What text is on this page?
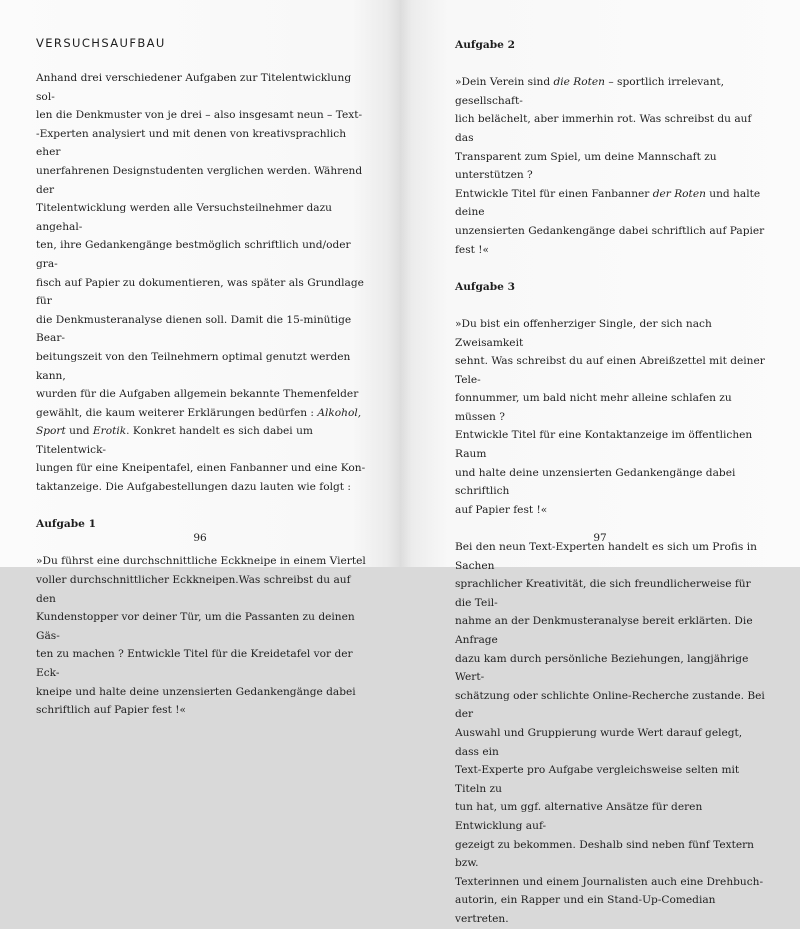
VERSUCHSAUFBAU
Anhand drei verschiedener Aufgaben zur Titelentwicklung sol-
len die Denkmuster von je drei – also insgesamt neun – Text-
-Experten analysiert und mit denen von kreativsprachlich eher
unerfahrenen Designstudenten verglichen werden. Während der
Titelentwicklung werden alle Versuchsteilnehmer dazu angehal-
ten, ihre Gedankengänge bestmöglich schriftlich und/oder gra-
fisch auf Papier zu dokumentieren, was später als Grundlage für
die Denkmusteranalyse dienen soll. Damit die 15-minütige Bear-
beitungszeit von den Teilnehmern optimal genutzt werden kann,
wurden für die Aufgaben allgemein bekannte Themenfelder
gewählt, die kaum weiterer Erklärungen bedürfen : Alkohol,
Sport und Erotik. Konkret handelt es sich dabei um Titelentwick-
lungen für eine Kneipentafel, einen Fanbanner und eine Kon-
taktanzeige. Die Aufgabestellungen dazu lauten wie folgt :
Aufgabe 1
»Du führst eine durchschnittliche Eckkneipe in einem Viertel
voller durchschnittlicher Eckkneipen.Was schreibst du auf den
Kundenstopper vor deiner Tür, um die Passanten zu deinen Gäs-
ten zu machen ? Entwickle Titel für die Kreidetafel vor der Eck-
kneipe und halte deine unzensierten Gedankengänge dabei
schriftlich auf Papier fest !«
96
Aufgabe 2
»Dein Verein sind die Roten – sportlich irrelevant, gesellschaft-
lich belächelt, aber immerhin rot. Was schreibst du auf das
Transparent zum Spiel, um deine Mannschaft zu unterstützen ?
Entwickle Titel für einen Fanbanner der Roten und halte deine
unzensierten Gedankengänge dabei schriftlich auf Papier fest !«
Aufgabe 3
»Du bist ein offenherziger Single, der sich nach Zweisamkeit
sehnt. Was schreibst du auf einen Abreißzettel mit deiner Tele-
fonnummer, um bald nicht mehr alleine schlafen zu müssen ?
Entwickle Titel für eine Kontaktanzeige im öffentlichen Raum
und halte deine unzensierten Gedankengänge dabei schriftlich
auf Papier fest !«
Bei den neun Text-Experten handelt es sich um Profis in Sachen
sprachlicher Kreativität, die sich freundlicherweise für die Teil-
nahme an der Denkmusteranalyse bereit erklärten. Die Anfrage
dazu kam durch persönliche Beziehungen, langjährige Wert-
schätzung oder schlichte Online-Recherche zustande. Bei der
Auswahl und Gruppierung wurde Wert darauf gelegt, dass ein
Text-Experte pro Aufgabe vergleichsweise selten mit Titeln zu
tun hat, um ggf. alternative Ansätze für deren Entwicklung auf-
gezeigt zu bekommen. Deshalb sind neben fünf Textern bzw.
Texterinnen und einem Journalisten auch eine Drehbuch-
autorin, ein Rapper und ein Stand-Up-Comedian vertreten.
97
